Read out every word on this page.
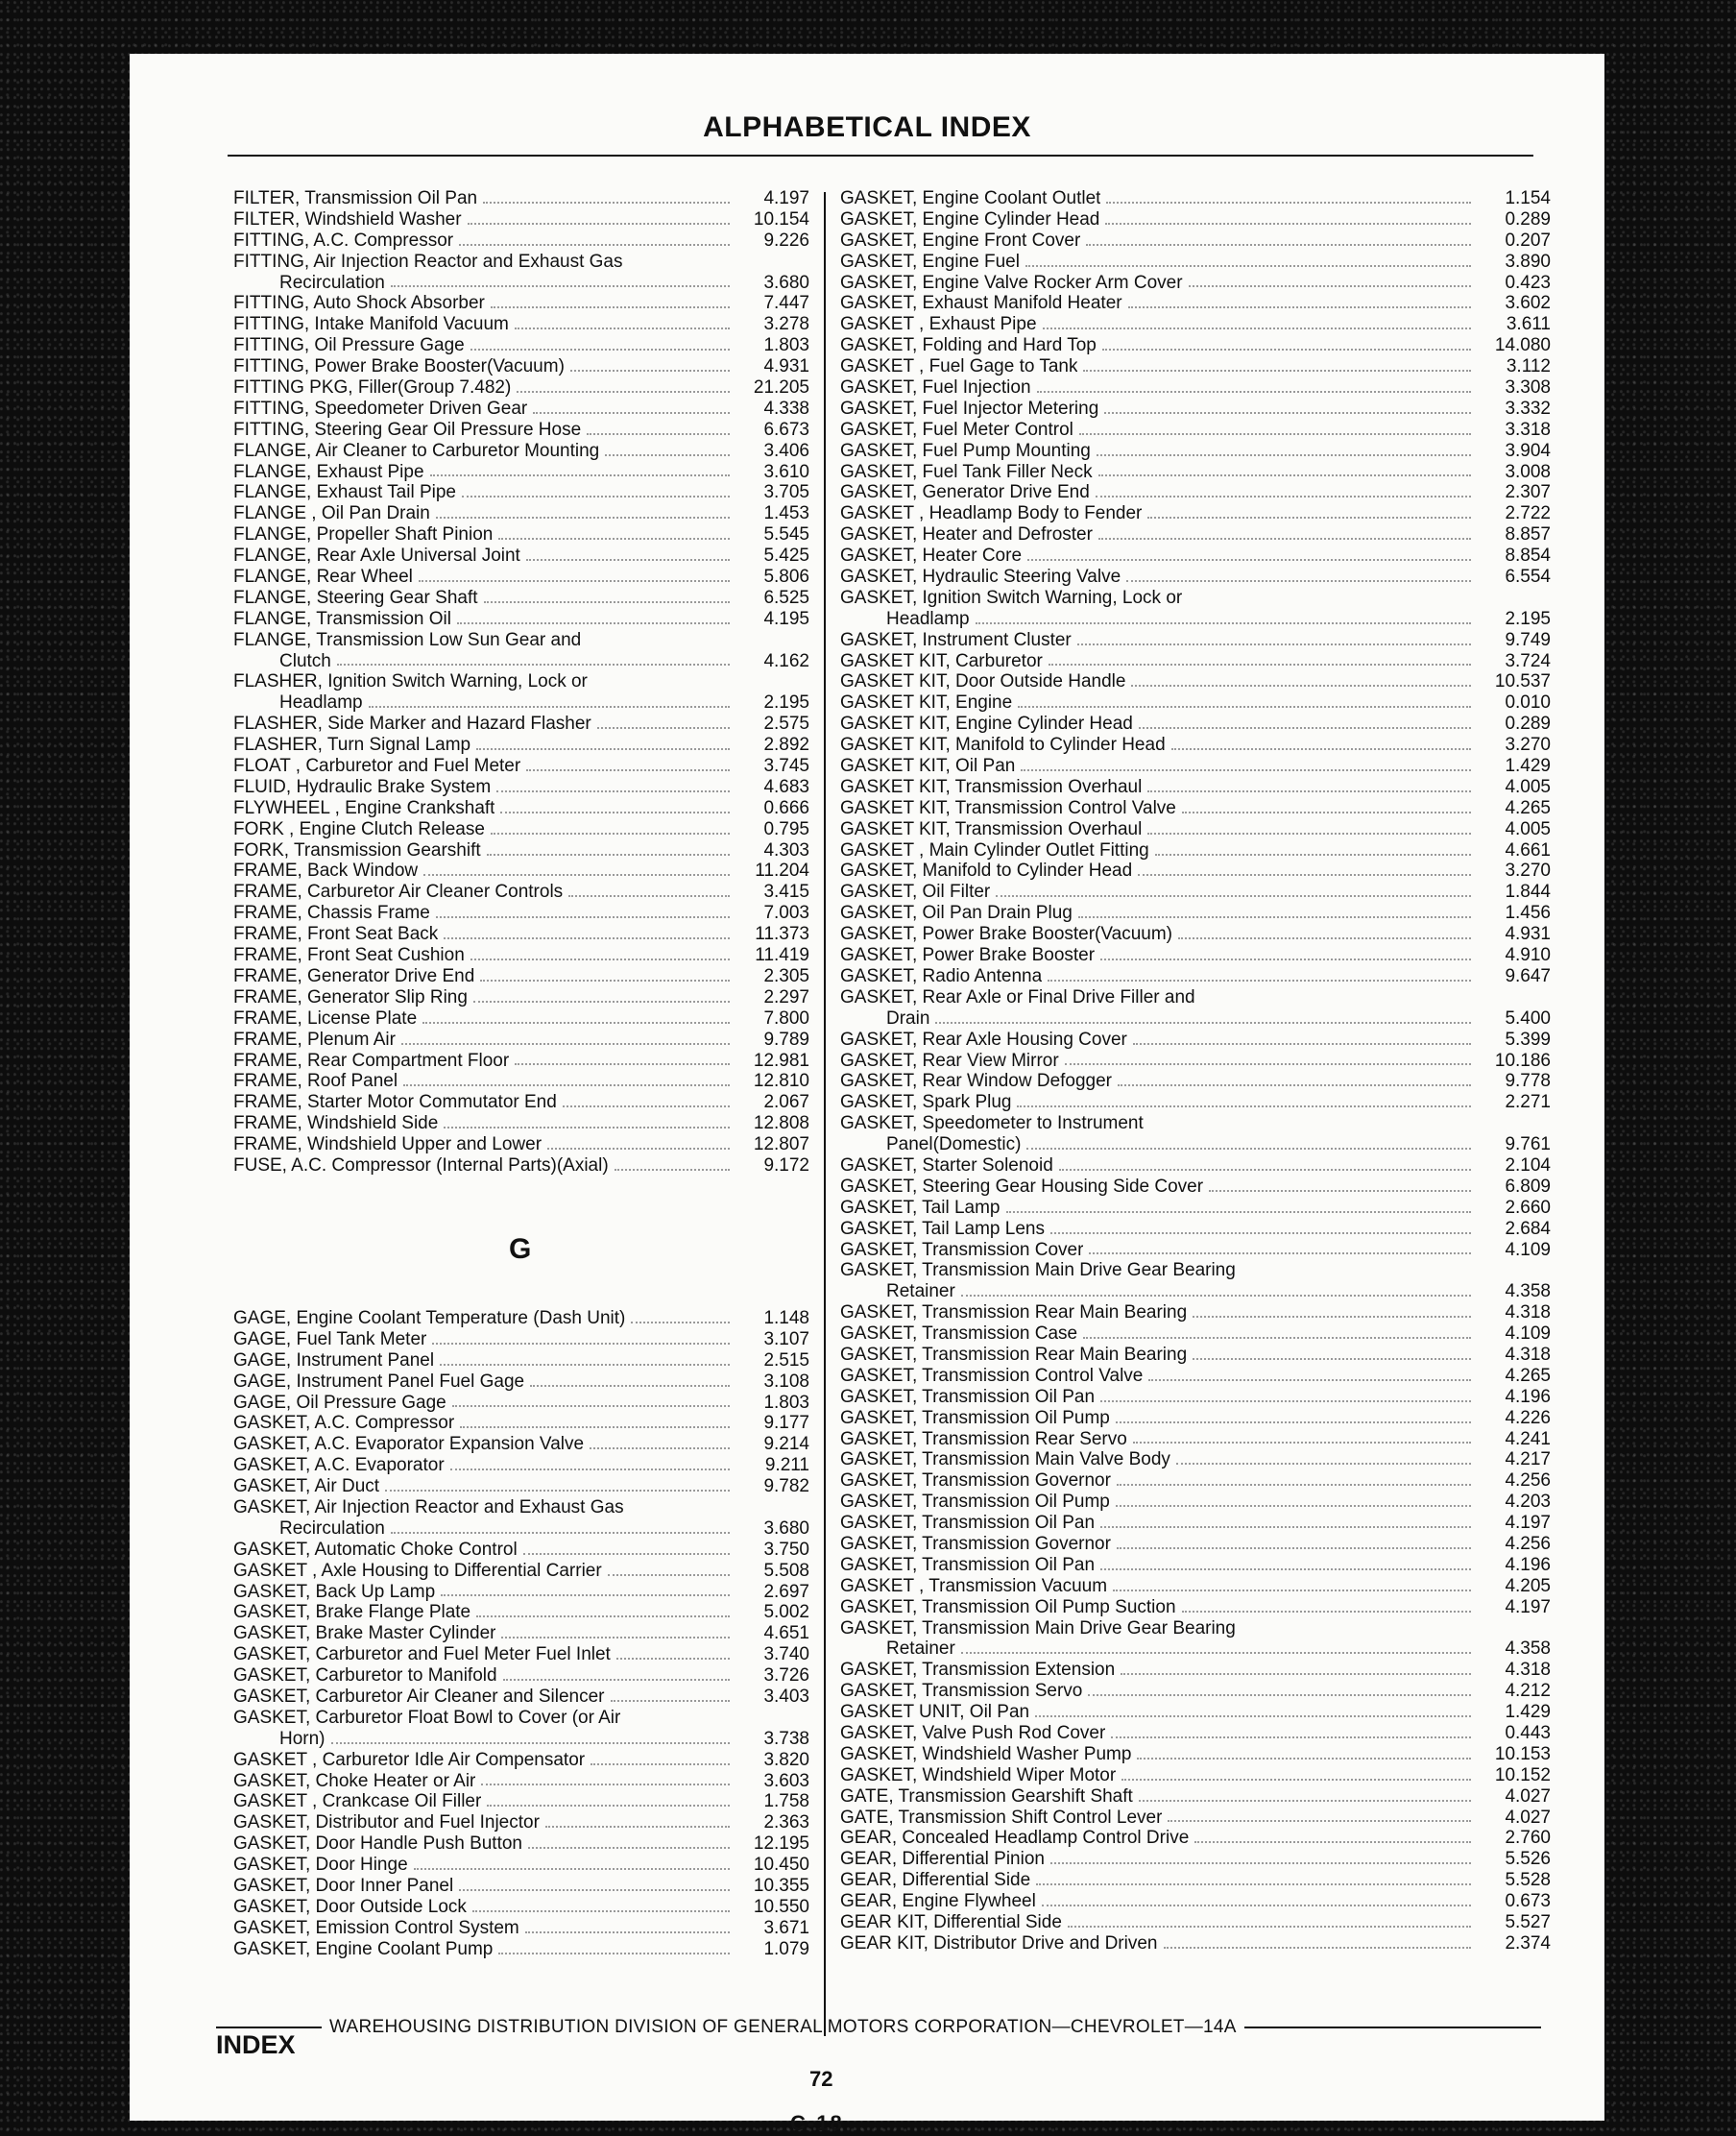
ALPHABETICAL INDEX
FILTER, Transmission Oil Pan	4.197
FILTER, Windshield Washer	10.154
FITTING, A.C. Compressor	9.226
FITTING, Air Injection Reactor and Exhaust Gas
Recirculation	3.680
FITTING, Auto Shock Absorber	7.447
FITTING, Intake Manifold Vacuum	3.278
FITTING, Oil Pressure Gage	1.803
FITTING, Power Brake Booster(Vacuum)	4.931
FITTING PKG, Filler(Group 7.482)	21.205
FITTING, Speedometer Driven Gear	4.338
FITTING, Steering Gear Oil Pressure Hose	6.673
FLANGE, Air Cleaner to Carburetor Mounting	3.406
FLANGE, Exhaust Pipe	3.610
FLANGE, Exhaust Tail Pipe	3.705
FLANGE , Oil Pan Drain	1.453
FLANGE, Propeller Shaft Pinion	5.545
FLANGE, Rear Axle Universal Joint	5.425
FLANGE, Rear Wheel	5.806
FLANGE, Steering Gear Shaft	6.525
FLANGE, Transmission Oil	4.195
FLANGE, Transmission Low Sun Gear and
Clutch	4.162
FLASHER, Ignition Switch Warning, Lock or
Headlamp	2.195
FLASHER, Side Marker and Hazard Flasher	2.575
FLASHER, Turn Signal Lamp	2.892
FLOAT , Carburetor and Fuel Meter	3.745
FLUID, Hydraulic Brake System	4.683
FLYWHEEL , Engine Crankshaft	0.666
FORK , Engine Clutch Release	0.795
FORK, Transmission Gearshift	4.303
FRAME, Back Window	11.204
FRAME, Carburetor Air Cleaner Controls	3.415
FRAME, Chassis Frame	7.003
FRAME, Front Seat Back	11.373
FRAME, Front Seat Cushion	11.419
FRAME, Generator Drive End	2.305
FRAME, Generator Slip Ring	2.297
FRAME, License Plate	7.800
FRAME, Plenum Air	9.789
FRAME, Rear Compartment Floor	12.981
FRAME, Roof Panel	12.810
FRAME, Starter Motor Commutator End	2.067
FRAME, Windshield Side	12.808
FRAME, Windshield Upper and Lower	12.807
FUSE, A.C. Compressor (Internal Parts)(Axial)	9.172
G
GAGE, Engine Coolant Temperature (Dash Unit)	1.148
GAGE, Fuel Tank Meter	3.107
GAGE, Instrument Panel	2.515
GAGE, Instrument Panel Fuel Gage	3.108
GAGE, Oil Pressure Gage	1.803
GASKET, A.C. Compressor	9.177
GASKET, A.C. Evaporator Expansion Valve	9.214
GASKET, A.C. Evaporator	9.211
GASKET, Air Duct	9.782
GASKET, Air Injection Reactor and Exhaust Gas
Recirculation	3.680
GASKET, Automatic Choke Control	3.750
GASKET , Axle Housing to Differential Carrier	5.508
GASKET, Back Up Lamp	2.697
GASKET, Brake Flange Plate	5.002
GASKET, Brake Master Cylinder	4.651
GASKET, Carburetor and Fuel Meter Fuel Inlet	3.740
GASKET, Carburetor to Manifold	3.726
GASKET, Carburetor Air Cleaner and Silencer	3.403
GASKET, Carburetor Float Bowl to Cover (or Air
Horn)	3.738
GASKET , Carburetor Idle Air Compensator	3.820
GASKET, Choke Heater or Air	3.603
GASKET , Crankcase Oil Filler	1.758
GASKET, Distributor and Fuel Injector	2.363
GASKET, Door Handle Push Button	12.195
GASKET, Door Hinge	10.450
GASKET, Door Inner Panel	10.355
GASKET, Door Outside Lock	10.550
GASKET, Emission Control System	3.671
GASKET, Engine Coolant Pump	1.079
GASKET, Engine Coolant Outlet	1.154
GASKET, Engine Cylinder Head	0.289
GASKET, Engine Front Cover	0.207
GASKET, Engine Fuel	3.890
GASKET, Engine Valve Rocker Arm Cover	0.423
GASKET, Exhaust Manifold Heater	3.602
GASKET , Exhaust Pipe	3.611
GASKET, Folding and Hard Top	14.080
GASKET , Fuel Gage to Tank	3.112
GASKET, Fuel Injection	3.308
GASKET, Fuel Injector Metering	3.332
GASKET, Fuel Meter Control	3.318
GASKET, Fuel Pump Mounting	3.904
GASKET, Fuel Tank Filler Neck	3.008
GASKET, Generator Drive End	2.307
GASKET , Headlamp Body to Fender	2.722
GASKET, Heater and Defroster	8.857
GASKET, Heater Core	8.854
GASKET, Hydraulic Steering Valve	6.554
GASKET, Ignition Switch Warning, Lock or
Headlamp	2.195
GASKET, Instrument Cluster	9.749
GASKET KIT, Carburetor	3.724
GASKET KIT, Door Outside Handle	10.537
GASKET KIT, Engine	0.010
GASKET KIT, Engine Cylinder Head	0.289
GASKET KIT, Manifold to Cylinder Head	3.270
GASKET KIT, Oil Pan	1.429
GASKET KIT, Transmission Overhaul	4.005
GASKET KIT, Transmission Control Valve	4.265
GASKET KIT, Transmission Overhaul	4.005
GASKET , Main Cylinder Outlet Fitting	4.661
GASKET, Manifold to Cylinder Head	3.270
GASKET, Oil Filter	1.844
GASKET, Oil Pan Drain Plug	1.456
GASKET, Power Brake Booster(Vacuum)	4.931
GASKET, Power Brake Booster	4.910
GASKET, Radio Antenna	9.647
GASKET, Rear Axle or Final Drive Filler and
Drain	5.400
GASKET, Rear Axle Housing Cover	5.399
GASKET, Rear View Mirror	10.186
GASKET, Rear Window Defogger	9.778
GASKET, Spark Plug	2.271
GASKET, Speedometer to Instrument
Panel(Domestic)	9.761
GASKET, Starter Solenoid	2.104
GASKET, Steering Gear Housing Side Cover	6.809
GASKET, Tail Lamp	2.660
GASKET, Tail Lamp Lens	2.684
GASKET, Transmission Cover	4.109
GASKET, Transmission Main Drive Gear Bearing
Retainer	4.358
GASKET, Transmission Rear Main Bearing	4.318
GASKET, Transmission Case	4.109
GASKET, Transmission Rear Main Bearing	4.318
GASKET, Transmission Control Valve	4.265
GASKET, Transmission Oil Pan	4.196
GASKET, Transmission Oil Pump	4.226
GASKET, Transmission Rear Servo	4.241
GASKET, Transmission Main Valve Body	4.217
GASKET, Transmission Governor	4.256
GASKET, Transmission Oil Pump	4.203
GASKET, Transmission Oil Pan	4.197
GASKET, Transmission Governor	4.256
GASKET, Transmission Oil Pan	4.196
GASKET , Transmission Vacuum	4.205
GASKET, Transmission Oil Pump Suction	4.197
GASKET, Transmission Main Drive Gear Bearing
Retainer	4.358
GASKET, Transmission Extension	4.318
GASKET, Transmission Servo	4.212
GASKET UNIT, Oil Pan	1.429
GASKET, Valve Push Rod Cover	0.443
GASKET, Windshield Washer Pump	10.153
GASKET, Windshield Wiper Motor	10.152
GATE, Transmission Gearshift Shaft	4.027
GATE, Transmission Shift Control Lever	4.027
GEAR, Concealed Headlamp Control Drive	2.760
GEAR, Differential Pinion	5.526
GEAR, Differential Side	5.528
GEAR, Engine Flywheel	0.673
GEAR KIT, Differential Side	5.527
GEAR KIT, Distributor Drive and Driven	2.374
WAREHOUSING DISTRIBUTION DIVISION OF GENERAL MOTORS CORPORATION—CHEVROLET—14A
INDEX
72
C-18
